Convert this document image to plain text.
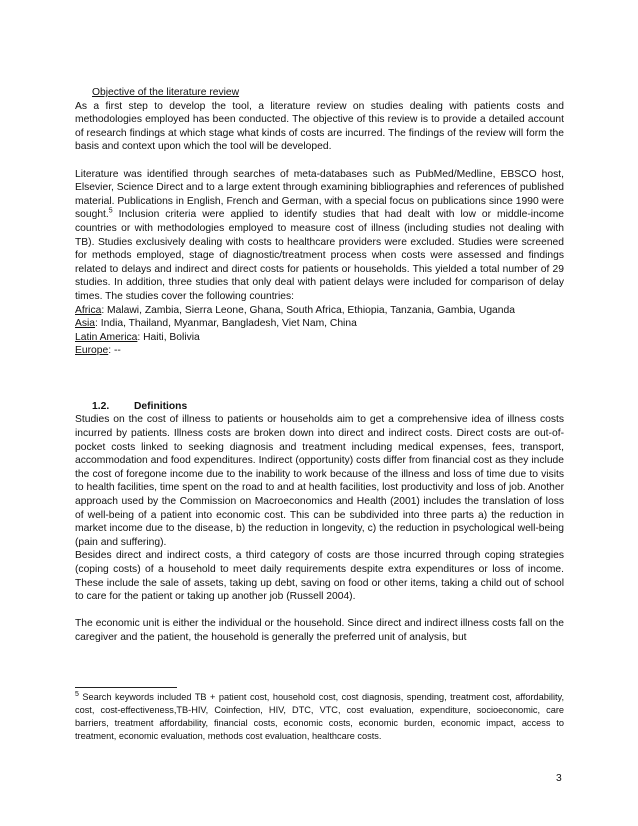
Objective of the literature review

As a first step to develop the tool, a literature review on studies dealing with patients costs and methodologies employed has been conducted. The objective of this review is to provide a detailed account of research findings at which stage what kinds of costs are incurred. The findings of the review will form the basis and context upon which the tool will be developed.

Literature was identified through searches of meta-databases such as PubMed/Medline, EBSCO host, Elsevier, Science Direct and to a large extent through examining bibliographies and references of published material. Publications in English, French and German, with a special focus on publications since 1990 were sought.$^5$ Inclusion criteria were applied to identify studies that had dealt with low or middle-income countries or with methodologies employed to measure cost of illness (including studies not dealing with TB). Studies exclusively dealing with costs to healthcare providers were excluded. Studies were screened for methods employed, stage of diagnostic/treatment process when costs were assessed and findings related to delays and indirect and direct costs for patients or households. This yielded a total number of 29 studies. In addition, three studies that only deal with patient delays were included for comparison of delay times. The studies cover the following countries:

Africa: Malawi, Zambia, Sierra Leone, Ghana, South Africa, Ethiopia, Tanzania, Gambia, Uganda

Asia: India, Thailand, Myanmar, Bangladesh, Viet Nam, China

Latin America: Haiti, Bolivia

Europe: --

1.2. Definitions

Studies on the cost of illness to patients or households aim to get a comprehensive idea of illness costs incurred by patients. Illness costs are broken down into direct and indirect costs. Direct costs are out-of-pocket costs linked to seeking diagnosis and treatment including medical expenses, fees, transport, accommodation and food expenditures. Indirect (opportunity) costs differ from financial cost as they include the cost of foregone income due to the inability to work because of the illness and loss of time due to visits to health facilities, time spent on the road to and at health facilities, lost productivity and loss of job. Another approach used by the Commission on Macroeconomics and Health (2001) includes the translation of loss of well-being of a patient into economic cost. This can be subdivided into three parts a) the reduction in market income due to the disease, b) the reduction in longevity, c) the reduction in psychological well-being (pain and suffering).

Besides direct and indirect costs, a third category of costs are those incurred through coping strategies (coping costs) of a household to meet daily requirements despite extra expenditures or loss of income. These include the sale of assets, taking up debt, saving on food or other items, taking a child out of school to care for the patient or taking up another job (Russell 2004).

The economic unit is either the individual or the household. Since direct and indirect illness costs fall on the caregiver and the patient, the household is generally the preferred unit of analysis, but

$^5$ Search keywords included TB + patient cost, household cost, cost diagnosis, spending, treatment cost, affordability, cost, cost-effectiveness,TB-HIV, Coinfection, HIV, DTC, VTC, cost evaluation, expenditure, socioeconomic, care barriers, treatment affordability, financial costs, economic costs, economic burden, economic impact, access to treatment, economic evaluation, methods cost evaluation, healthcare costs.

3
